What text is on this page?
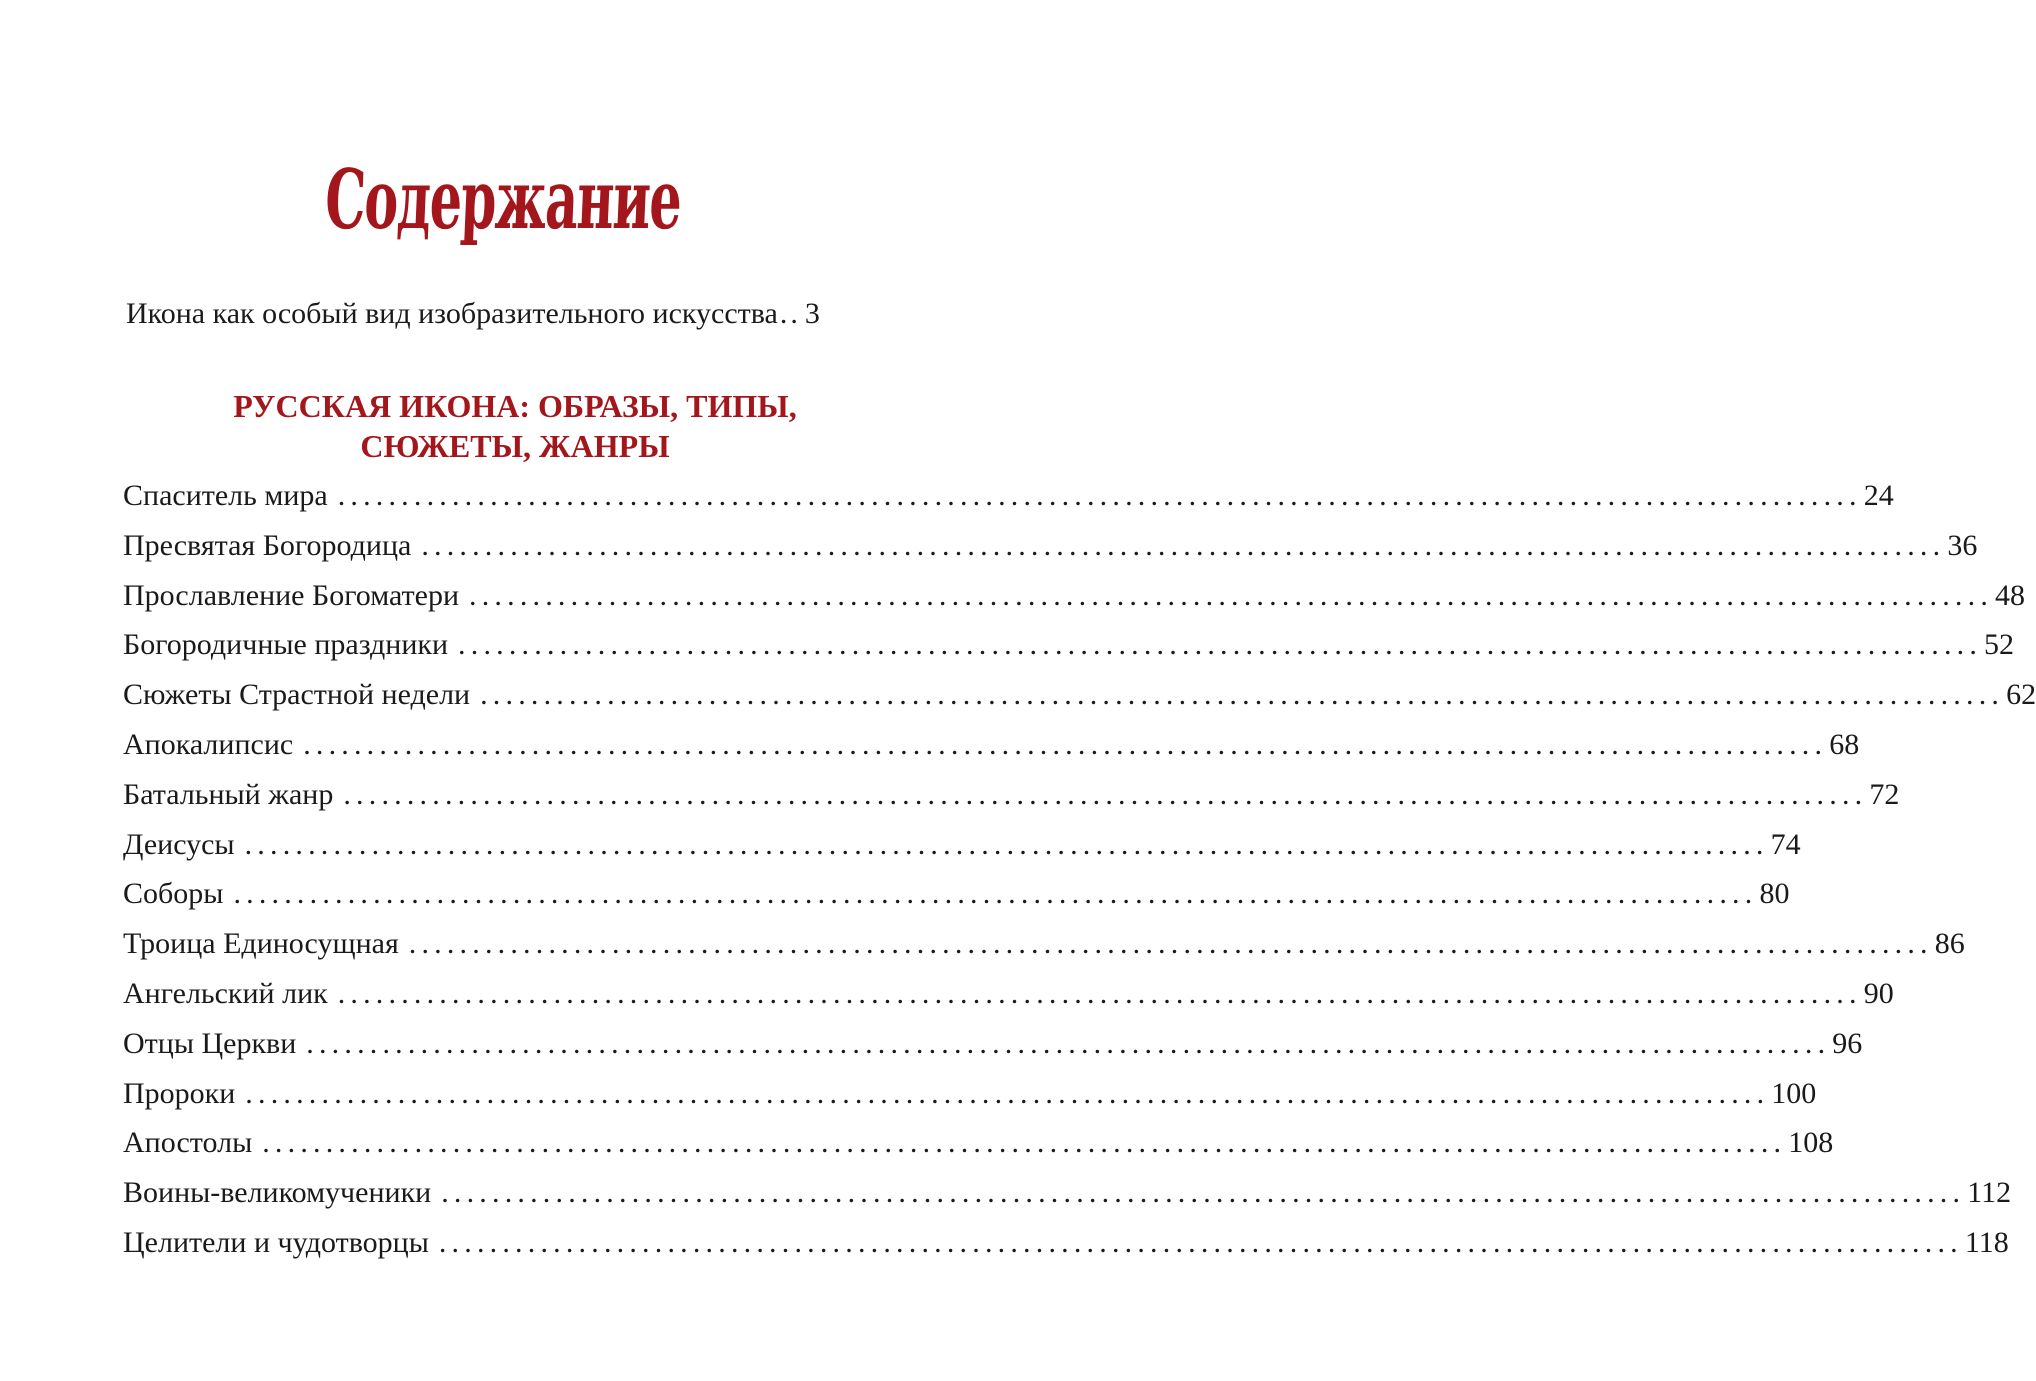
Содержание
Икона как особый вид изобразительного искусства .. 3
РУССКАЯ ИКОНА: ОБРАЗЫ, ТИПЫ,
СЮЖЕТЫ, ЖАНРЫ
Спаситель мира ........................................................................................................................ 24
Пресвятая Богородица ........................................................................................................................ 36
Прославление Богоматери ........................................................................................................................ 48
Богородичные праздники ........................................................................................................................ 52
Сюжеты Страстной недели ........................................................................................................................ 62
Апокалипсис ........................................................................................................................ 68
Батальный жанр ........................................................................................................................ 72
Деисусы ........................................................................................................................ 74
Соборы ........................................................................................................................ 80
Троица Единосущная ........................................................................................................................ 86
Ангельский лик ........................................................................................................................ 90
Отцы Церкви ........................................................................................................................ 96
Пророки ........................................................................................................................ 100
Апостолы ........................................................................................................................ 108
Воины-великомученики ........................................................................................................................ 112
Целители и чудотворцы ........................................................................................................................ 118
